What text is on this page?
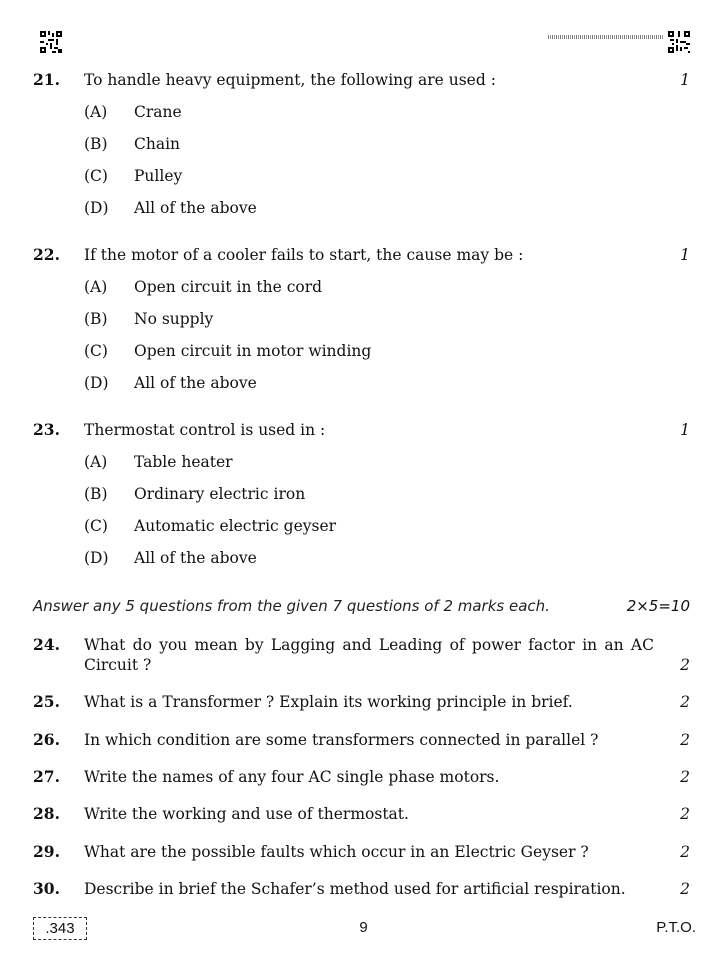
21. To handle heavy equipment, the following are used :	1
(A) Crane
(B) Chain
(C) Pulley
(D) All of the above
22. If the motor of a cooler fails to start, the cause may be :	1
(A) Open circuit in the cord
(B) No supply
(C) Open circuit in motor winding
(D) All of the above
23. Thermostat control is used in :	1
(A) Table heater
(B) Ordinary electric iron
(C) Automatic electric geyser
(D) All of the above
Answer any 5 questions from the given 7 questions of 2 marks each.	2×5=10
24. What do you mean by Lagging and Leading of power factor in an AC
Circuit ?	2
25. What is a Transformer ? Explain its working principle in brief.	2
26. In which condition are some transformers connected in parallel ?	2
27. Write the names of any four AC single phase motors.	2
28. Write the working and use of thermostat.	2
29. What are the possible faults which occur in an Electric Geyser ?	2
30. Describe in brief the Schafer’s method used for artificial respiration.	2
.343	9	P.T.O.
